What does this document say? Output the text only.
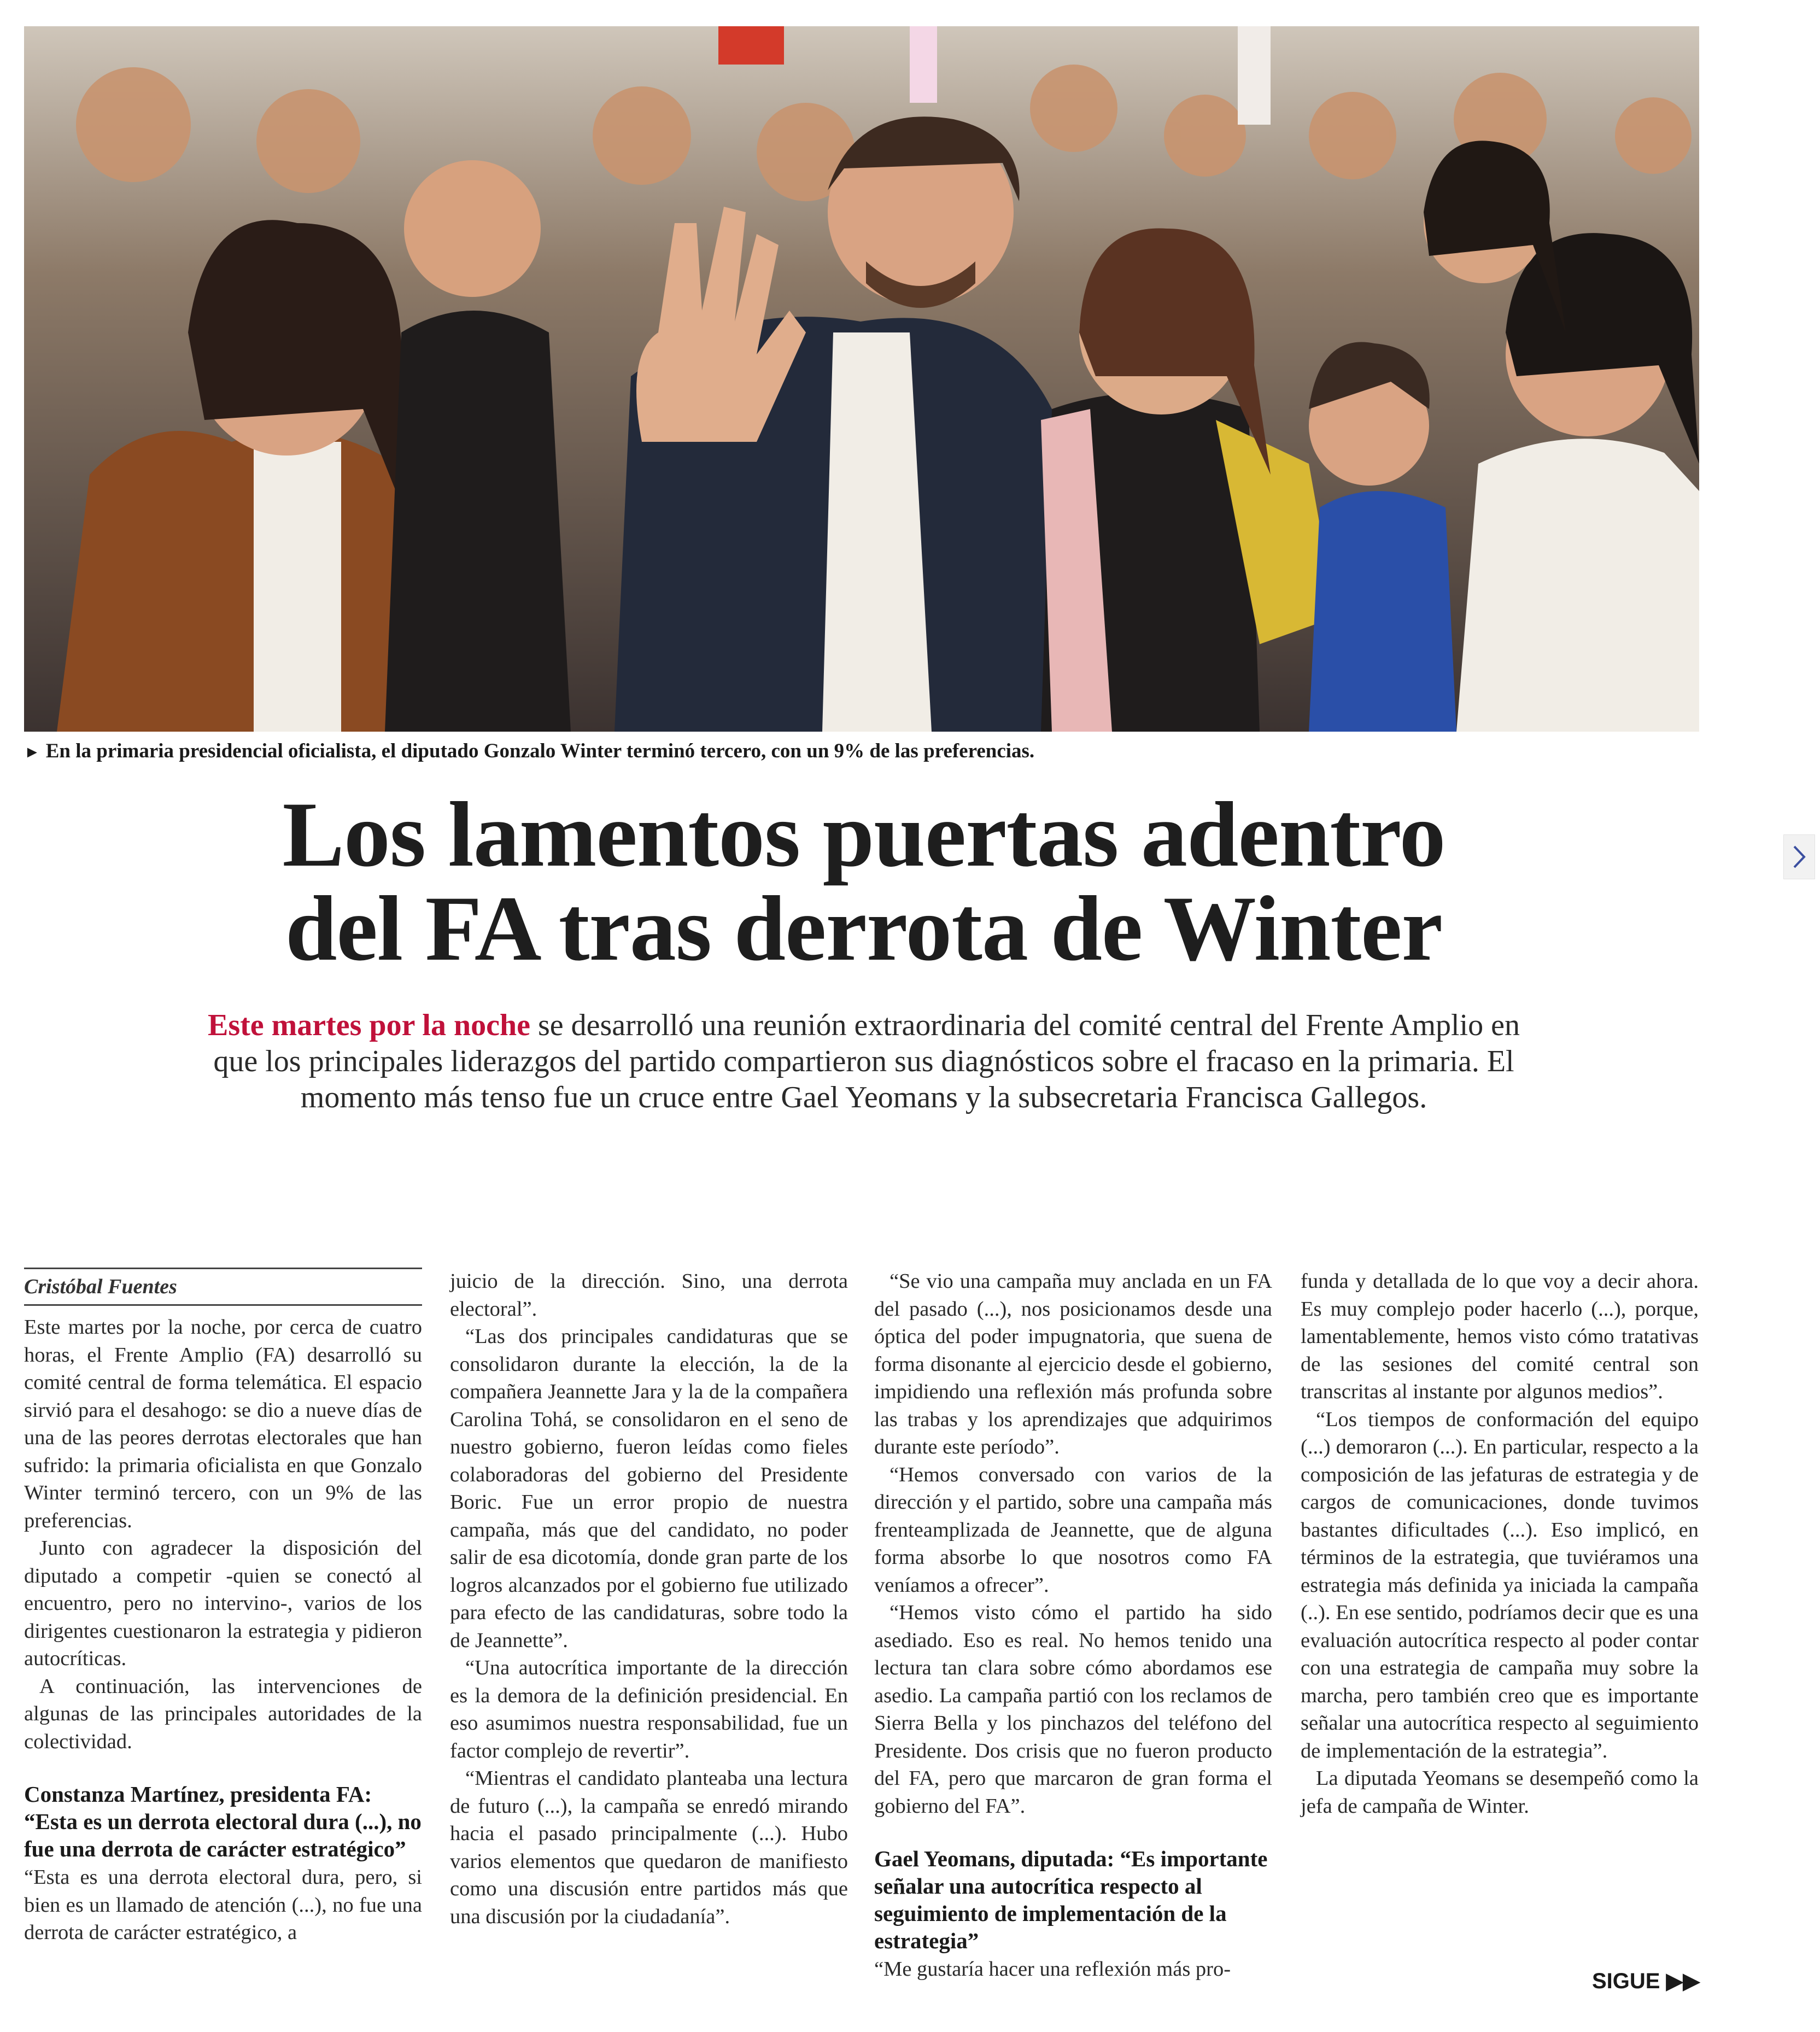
► En la primaria presidencial oficialista, el diputado Gonzalo Winter terminó tercero, con un 9% de las preferencias.
Los lamentos puertas adentro
del FA tras derrota de Winter
Este martes por la noche se desarrolló una reunión extraordinaria del comité central del Frente Amplio en que los principales liderazgos del partido compartieron sus diagnósticos sobre el fracaso en la primaria. El momento más tenso fue un cruce entre Gael Yeomans y la subsecretaria Francisca Gallegos.
Cristóbal Fuentes

Este martes por la noche, por cerca de cuatro horas, el Frente Amplio (FA) desarrolló su comité central de forma telemática. El espacio sirvió para el desahogo: se dio a nueve días de una de las peores derrotas electorales que han sufrido: la primaria oficialista en que Gonzalo Winter terminó tercero, con un 9% de las preferencias.

Junto con agradecer la disposición del diputado a competir -quien se conectó al encuentro, pero no intervino-, varios de los dirigentes cuestionaron la estrategia y pidieron autocríticas.

A continuación, las intervenciones de algunas de las principales autoridades de la colectividad.

Constanza Martínez, presidenta FA: “Esta es un derrota electoral dura (...), no fue una derrota de carácter estratégico”

“Esta es una derrota electoral dura, pero, si bien es un llamado de atención (...), no fue una derrota de carácter estratégico, a

juicio de la dirección. Sino, una derrota electoral”.

“Las dos principales candidaturas que se consolidaron durante la elección, la de la compañera Jeannette Jara y la de la compañera Carolina Tohá, se consolidaron en el seno de nuestro gobierno, fueron leídas como fieles colaboradoras del gobierno del Presidente Boric. Fue un error propio de nuestra campaña, más que del candidato, no poder salir de esa dicotomía, donde gran parte de los logros alcanzados por el gobierno fue utilizado para efecto de las candidaturas, sobre todo la de Jeannette”.

“Una autocrítica importante de la dirección es la demora de la definición presidencial. En eso asumimos nuestra responsabilidad, fue un factor complejo de revertir”.

“Mientras el candidato planteaba una lectura de futuro (...), la campaña se enredó mirando hacia el pasado principalmente (...). Hubo varios elementos que quedaron de manifiesto como una discusión entre partidos más que una discusión por la ciudadanía”.

“Se vio una campaña muy anclada en un FA del pasado (...), nos posicionamos desde una óptica del poder impugnatoria, que suena de forma disonante al ejercicio desde el gobierno, impidiendo una reflexión más profunda sobre las trabas y los aprendizajes que adquirimos durante este período”.

“Hemos conversado con varios de la dirección y el partido, sobre una campaña más frenteamplizada de Jeannette, que de alguna forma absorbe lo que nosotros como FA veníamos a ofrecer”.

“Hemos visto cómo el partido ha sido asediado. Eso es real. No hemos tenido una lectura tan clara sobre cómo abordamos ese asedio. La campaña partió con los reclamos de Sierra Bella y los pinchazos del teléfono del Presidente. Dos crisis que no fueron producto del FA, pero que marcaron de gran forma el gobierno del FA”.

Gael Yeomans, diputada: “Es importante señalar una autocrítica respecto al seguimiento de implementación de la estrategia”

“Me gustaría hacer una reflexión más pro-

funda y detallada de lo que voy a decir ahora. Es muy complejo poder hacerlo (...), porque, lamentablemente, hemos visto cómo tratativas de las sesiones del comité central son transcritas al instante por algunos medios”.

“Los tiempos de conformación del equipo (...) demoraron (...). En particular, respecto a la composición de las jefaturas de estrategia y de cargos de comunicaciones, donde tuvimos bastantes dificultades (...). Eso implicó, en términos de la estrategia, que tuviéramos una estrategia más definida ya iniciada la campaña (..). En ese sentido, podríamos decir que es una evaluación autocrítica respecto al poder contar con una estrategia de campaña muy sobre la marcha, pero también creo que es importante señalar una autocrítica respecto al seguimiento de implementación de la estrategia”.

La diputada Yeomans se desempeñó como la jefa de campaña de Winter.

SIGUE ▶▶
